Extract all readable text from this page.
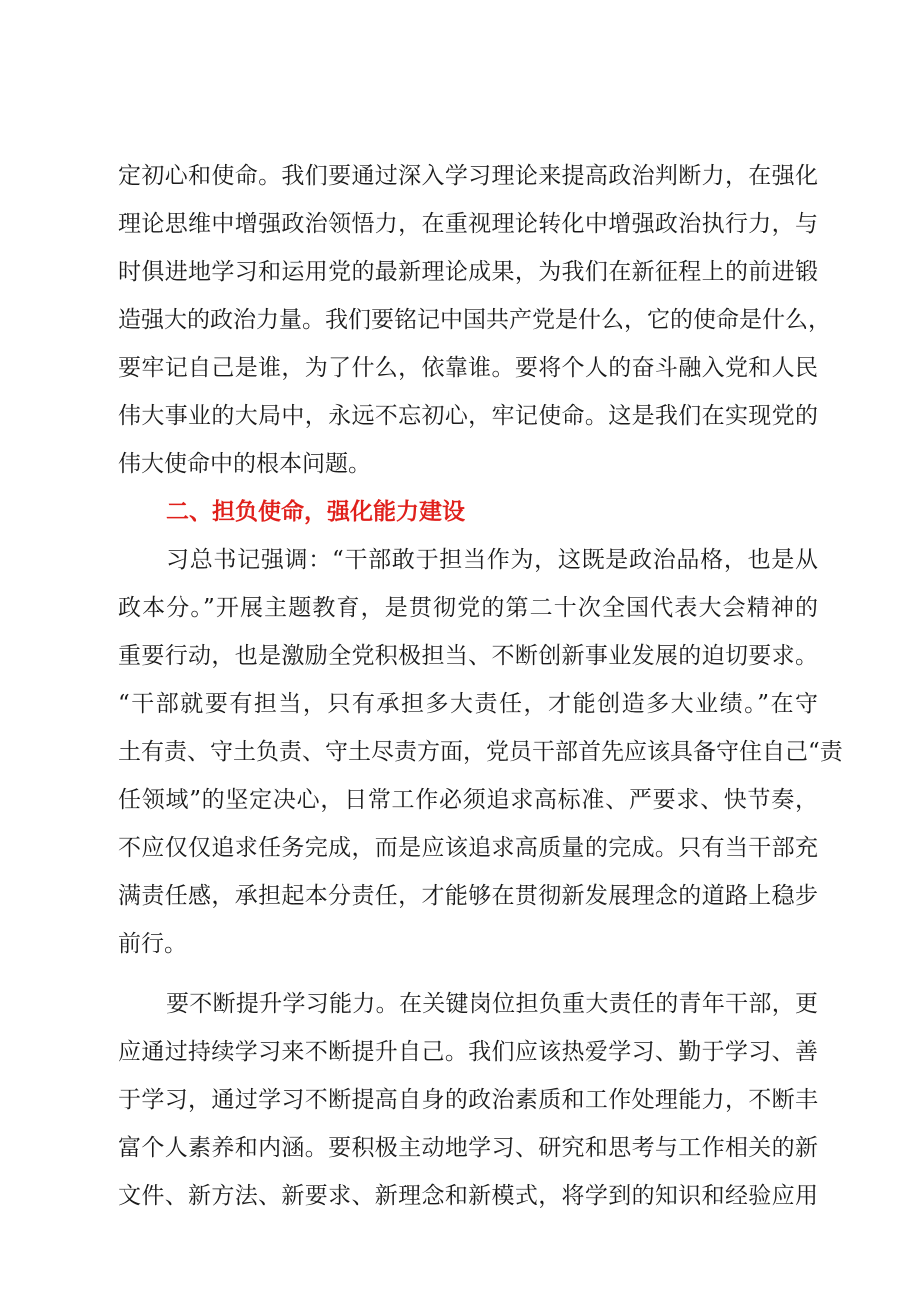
定初心和使命。我们要通过深入学习理论来提高政治判断力，在强化
理论思维中增强政治领悟力，在重视理论转化中增强政治执行力，与
时俱进地学习和运用党的最新理论成果，为我们在新征程上的前进锻
造强大的政治力量。我们要铭记中国共产党是什么，它的使命是什么，
要牢记自己是谁，为了什么，依靠谁。要将个人的奋斗融入党和人民
伟大事业的大局中，永远不忘初心，牢记使命。这是我们在实现党的
伟大使命中的根本问题。
二、担负使命，强化能力建设
习总书记强调：“干部敢于担当作为，这既是政治品格，也是从
政本分。”开展主题教育，是贯彻党的第二十次全国代表大会精神的
重要行动，也是激励全党积极担当、不断创新事业发展的迫切要求。
“干部就要有担当，只有承担多大责任，才能创造多大业绩。”在守
土有责、守土负责、守土尽责方面，党员干部首先应该具备守住自己“责
任领域”的坚定决心，日常工作必须追求高标准、严要求、快节奏，
不应仅仅追求任务完成，而是应该追求高质量的完成。只有当干部充
满责任感，承担起本分责任，才能够在贯彻新发展理念的道路上稳步
前行。
要不断提升学习能力。在关键岗位担负重大责任的青年干部，更
应通过持续学习来不断提升自己。我们应该热爱学习、勤于学习、善
于学习，通过学习不断提高自身的政治素质和工作处理能力，不断丰
富个人素养和内涵。要积极主动地学习、研究和思考与工作相关的新
文件、新方法、新要求、新理念和新模式，将学到的知识和经验应用
